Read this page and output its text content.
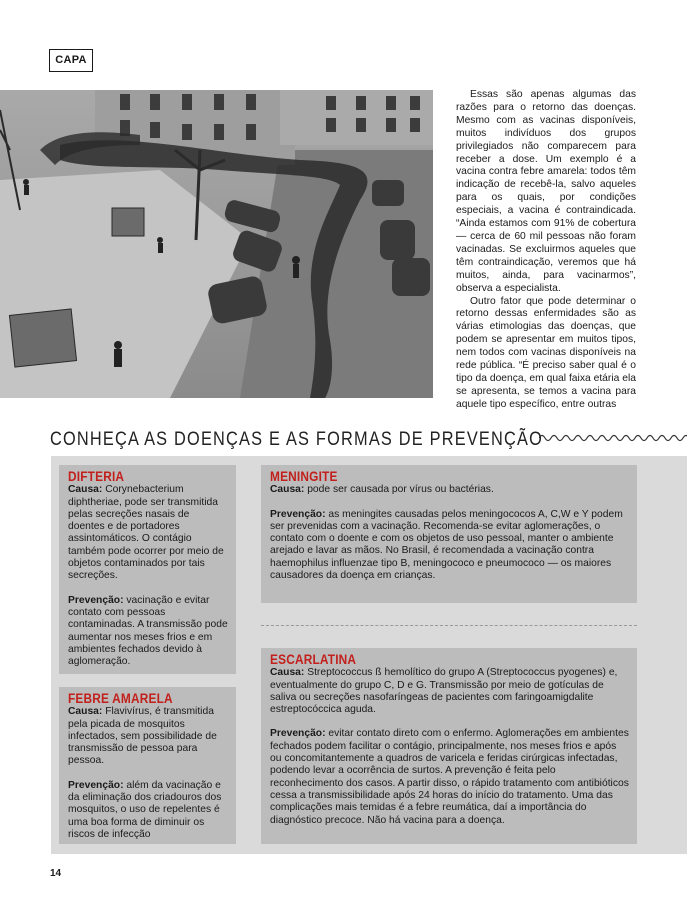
CAPA

Essas são apenas algumas das razões para o retorno das doenças. Mesmo com as vacinas disponíveis, muitos indivíduos dos grupos privilegiados não comparecem para receber a dose. Um exemplo é a vacina contra febre amarela: todos têm indicação de recebê-la, salvo aqueles para os quais, por condições especiais, a vacina é contraindicada. “Ainda estamos com 91% de cobertura — cerca de 60 mil pessoas não foram vacinadas. Se excluirmos aqueles que têm contraindicação, veremos que há muitos, ainda, para vacinarmos”, observa a especialista.

Outro fator que pode determinar o retorno dessas enfermidades são as várias etimologias das doenças, que podem se apresentar em muitos tipos, nem todos com vacinas disponíveis na rede pública. “É preciso saber qual é o tipo da doença, em qual faixa etária ela se apresenta, se temos a vacina para aquele tipo específico, entre outras

CONHEÇA AS DOENÇAS E AS FORMAS DE PREVENÇÃO
DIFTERIA

Causa: Corynebacterium diphtheriae, pode ser transmitida pelas secreções nasais de doentes e de portadores assintomáticos. O contágio também pode ocorrer por meio de objetos contaminados por tais secreções.

Prevenção: vacinação e evitar contato com pessoas contaminadas. A transmissão pode aumentar nos meses frios e em ambientes fechados devido à aglomeração.

FEBRE AMARELA

Causa: Flavivírus, é transmitida pela picada de mosquitos infectados, sem possibilidade de transmissão de pessoa para pessoa.

Prevenção: além da vacinação e da eliminação dos criadouros dos mosquitos, o uso de repelentes é uma boa forma de diminuir os riscos de infecção

MENINGITE

Causa: pode ser causada por vírus ou bactérias.

Prevenção: as meningites causadas pelos meningococos A, C,W e Y podem ser prevenidas com a vacinação. Recomenda-se evitar aglomerações, o contato com o doente e com os objetos de uso pessoal, manter o ambiente arejado e lavar as mãos. No Brasil, é recomendada a vacinação contra haemophilus influenzae tipo B, meningococo e pneumococo — os maiores causadores da doença em crianças.

ESCARLATINA

Causa: Streptococcus ß hemolítico do grupo A (Streptococcus pyogenes) e, eventualmente do grupo C, D e G. Transmissão por meio de gotículas de saliva ou secreções nasofaríngeas de pacientes com faringoamigdalite estreptocóccica aguda.

Prevenção: evitar contato direto com o enfermo. Aglomerações em ambientes fechados podem facilitar o contágio, principalmente, nos meses frios e após ou concomitantemente a quadros de varicela e feridas cirúrgicas infectadas, podendo levar a ocorrência de surtos. A prevenção é feita pelo reconhecimento dos casos. A partir disso, o rápido tratamento com antibióticos cessa a transmissibilidade após 24 horas do início do tratamento. Uma das complicações mais temidas é a febre reumática, daí a importância do diagnóstico precoce. Não há vacina para a doença.

14
